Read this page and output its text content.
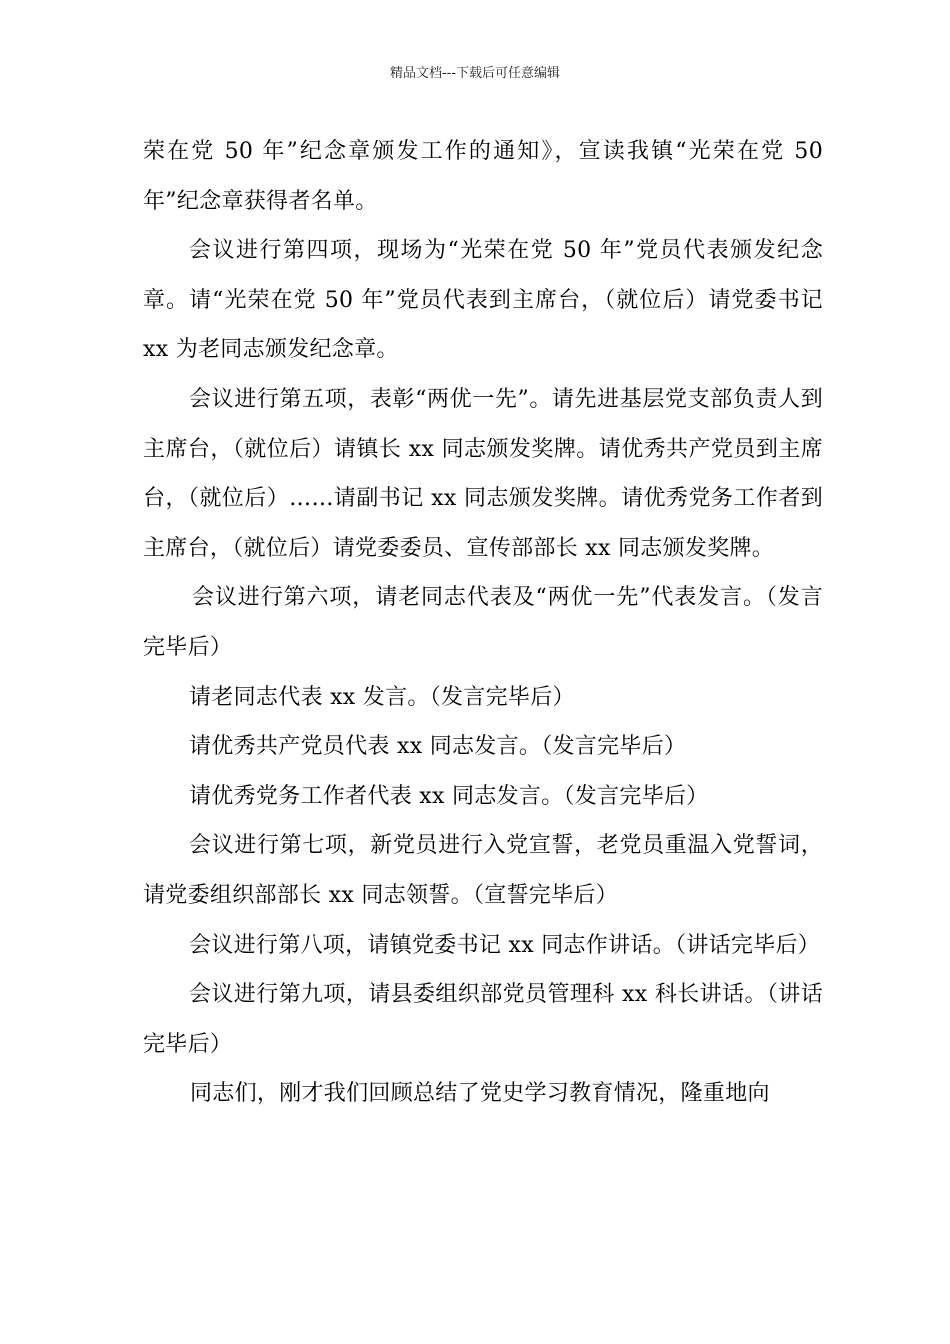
精品文档---下载后可任意编辑

荣在党 50 年”纪念章颁发工作的通知》，宣读我镇“光荣在党 50 年”纪念章获得者名单。

会议进行第四项，现场为“光荣在党 50 年”党员代表颁发纪念章。请“光荣在党 50 年”党员代表到主席台，（就位后）请党委书记 xx 为老同志颁发纪念章。

会议进行第五项，表彰“两优一先”。请先进基层党支部负责人到主席台，（就位后）请镇长 xx 同志颁发奖牌。请优秀共产党员到主席台，（就位后）……请副书记 xx 同志颁发奖牌。请优秀党务工作者到主席台，（就位后）请党委委员、宣传部部长 xx 同志颁发奖牌。

会议进行第六项，请老同志代表及“两优一先”代表发言。（发言完毕后）

请老同志代表 xx 发言。（发言完毕后）

请优秀共产党员代表 xx 同志发言。（发言完毕后）

请优秀党务工作者代表 xx 同志发言。（发言完毕后）

会议进行第七项，新党员进行入党宣誓，老党员重温入党誓词，请党委组织部部长 xx 同志领誓。（宣誓完毕后）

会议进行第八项，请镇党委书记 xx 同志作讲话。（讲话完毕后）

会议进行第九项，请县委组织部党员管理科 xx 科长讲话。（讲话完毕后）

同志们，刚才我们回顾总结了党史学习教育情况，隆重地向
